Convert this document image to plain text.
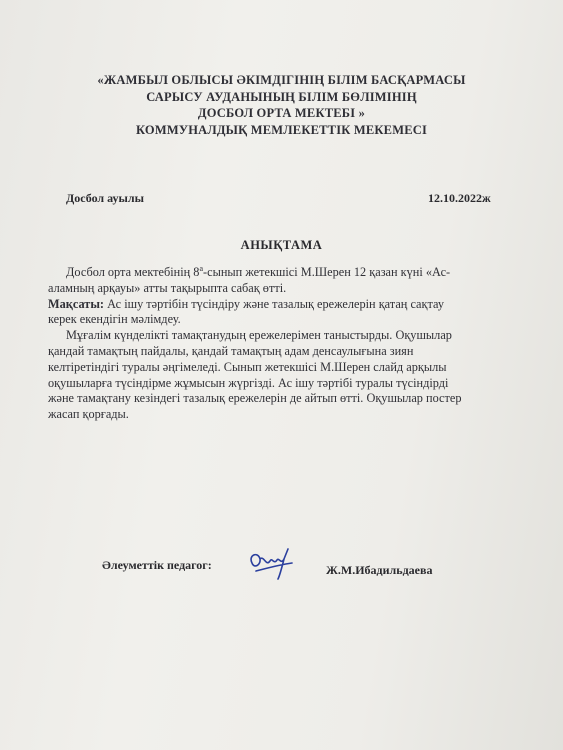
«ЖАМБЫЛ ОБЛЫСЫ ӘКІМДІГІНІҢ БІЛІМ БАСҚАРМАСЫ
САРЫСУ АУДАНЫНЫҢ БІЛІМ БӨЛІМІНІҢ
ДОСБОЛ ОРТА МЕКТЕБІ »
КОММУНАЛДЫҚ МЕМЛЕКЕТТІК МЕКЕМЕСІ
Досбол ауылы	12.10.2022ж
АНЫҚТАМА
Досбол орта мектебінің $8^а$-сынып жетекшісі М.Шерен 12 қазан күні «Ас-
аламның арқауы» атты тақырыпта сабақ өтті.
Мақсаты: Ас ішу тәртібін түсіндіру және тазалық ережелерін қатаң сақтау
керек екендігін мәлімдеу.
Мұғалім күнделікті тамақтанудың ережелерімен таныстырды. Оқушылар
қандай тамақтың пайдалы, қандай тамақтың адам денсаулығына зиян
келтіретіндігі туралы әңгімеледі. Сынып жетекшісі М.Шерен слайд арқылы
оқушыларға түсіндірме жұмысын жүргізді. Ас ішу тәртібі туралы түсіндірді
және тамақтану кезіндегі тазалық ережелерін де айтып өтті. Оқушылар постер
жасап қорғады.
Әлеуметтік педагог:	Ж.М.Ибадильдаева
